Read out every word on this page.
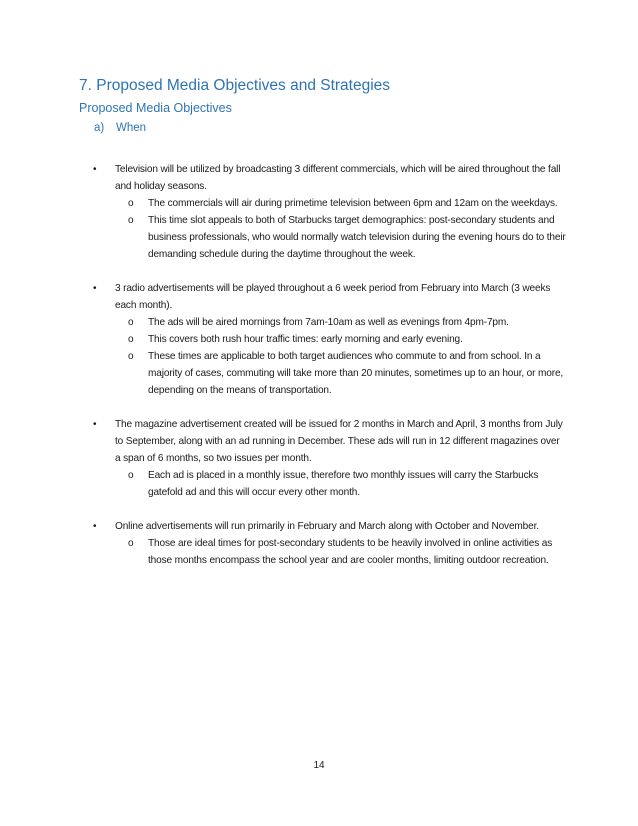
7. Proposed Media Objectives and Strategies
Proposed Media Objectives
a) When
• Television will be utilized by broadcasting 3 different commercials, which will be aired throughout the fall and holiday seasons.
o The commercials will air during primetime television between 6pm and 12am on the weekdays.
o This time slot appeals to both of Starbucks target demographics: post-secondary students and business professionals, who would normally watch television during the evening hours do to their demanding schedule during the daytime throughout the week.
• 3 radio advertisements will be played throughout a 6 week period from February into March (3 weeks each month).
o The ads will be aired mornings from 7am-10am as well as evenings from 4pm-7pm.
o This covers both rush hour traffic times: early morning and early evening.
o These times are applicable to both target audiences who commute to and from school. In a majority of cases, commuting will take more than 20 minutes, sometimes up to an hour, or more, depending on the means of transportation.
• The magazine advertisement created will be issued for 2 months in March and April, 3 months from July to September, along with an ad running in December. These ads will run in 12 different magazines over a span of 6 months, so two issues per month.
o Each ad is placed in a monthly issue, therefore two monthly issues will carry the Starbucks gatefold ad and this will occur every other month.
• Online advertisements will run primarily in February and March along with October and November.
o Those are ideal times for post-secondary students to be heavily involved in online activities as those months encompass the school year and are cooler months, limiting outdoor recreation.
14
